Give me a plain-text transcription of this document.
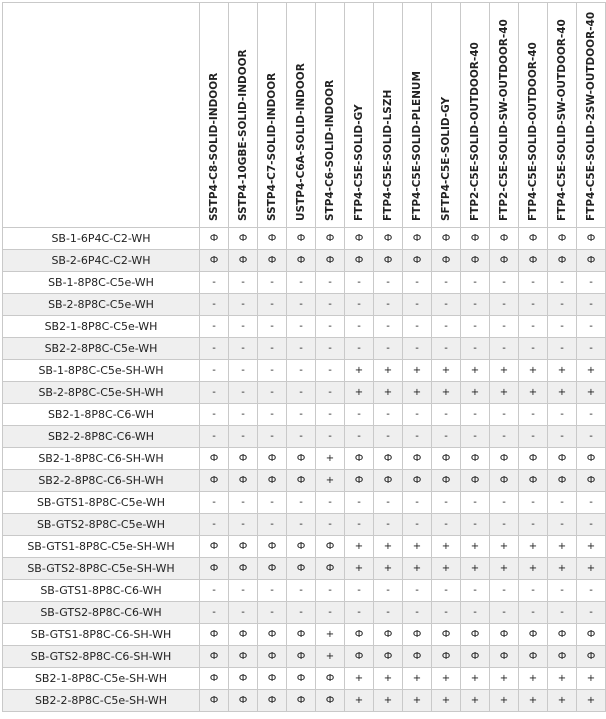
	SSTP4-C8-SOLID-INDOOR	SSTP4-10GBE-SOLID-INDOOR	SSTP4-C7-SOLID-INDOOR	USTP4-C6A-SOLID-INDOOR	STP4-C6-SOLID-INDOOR	FTP4-C5E-SOLID-GY	FTP4-C5E-SOLID-LSZH	FTP4-C5E-SOLID-PLENUM	SFTP4-C5E-SOLID-GY	FTP2-C5E-SOLID-OUTDOOR-40	FTP2-C5E-SOLID-SW-OUTDOOR-40	FTP4-C5E-SOLID-OUTDOOR-40	FTP4-C5E-SOLID-SW-OUTDOOR-40	FTP4-C5E-SOLID-2SW-OUTDOOR-40

SB-1-6P4C-C2-WH	Ф	Ф	Ф	Ф	Ф	Ф	Ф	Ф	Ф	Ф	Ф	Ф	Ф	Ф
SB-2-6P4C-C2-WH	Ф	Ф	Ф	Ф	Ф	Ф	Ф	Ф	Ф	Ф	Ф	Ф	Ф	Ф
SB-1-8P8C-C5e-WH	-	-	-	-	-	-	-	-	-	-	-	-	-	-
SB-2-8P8C-C5e-WH	-	-	-	-	-	-	-	-	-	-	-	-	-	-
SB2-1-8P8C-C5e-WH	-	-	-	-	-	-	-	-	-	-	-	-	-	-
SB2-2-8P8C-C5e-WH	-	-	-	-	-	-	-	-	-	-	-	-	-	-
SB-1-8P8C-C5e-SH-WH	-	-	-	-	-	+	+	+	+	+	+	+	+	+
SB-2-8P8C-C5e-SH-WH	-	-	-	-	-	+	+	+	+	+	+	+	+	+
SB2-1-8P8C-C6-WH	-	-	-	-	-	-	-	-	-	-	-	-	-	-
SB2-2-8P8C-C6-WH	-	-	-	-	-	-	-	-	-	-	-	-	-	-
SB2-1-8P8C-C6-SH-WH	Ф	Ф	Ф	Ф	+	Ф	Ф	Ф	Ф	Ф	Ф	Ф	Ф	Ф
SB2-2-8P8C-C6-SH-WH	Ф	Ф	Ф	Ф	+	Ф	Ф	Ф	Ф	Ф	Ф	Ф	Ф	Ф
SB-GTS1-8P8C-C5e-WH	-	-	-	-	-	-	-	-	-	-	-	-	-	-
SB-GTS2-8P8C-C5e-WH	-	-	-	-	-	-	-	-	-	-	-	-	-	-
SB-GTS1-8P8C-C5e-SH-WH	Ф	Ф	Ф	Ф	Ф	+	+	+	+	+	+	+	+	+
SB-GTS2-8P8C-C5e-SH-WH	Ф	Ф	Ф	Ф	Ф	+	+	+	+	+	+	+	+	+
SB-GTS1-8P8C-C6-WH	-	-	-	-	-	-	-	-	-	-	-	-	-	-
SB-GTS2-8P8C-C6-WH	-	-	-	-	-	-	-	-	-	-	-	-	-	-
SB-GTS1-8P8C-C6-SH-WH	Ф	Ф	Ф	Ф	+	Ф	Ф	Ф	Ф	Ф	Ф	Ф	Ф	Ф
SB-GTS2-8P8C-C6-SH-WH	Ф	Ф	Ф	Ф	+	Ф	Ф	Ф	Ф	Ф	Ф	Ф	Ф	Ф
SB2-1-8P8C-C5e-SH-WH	Ф	Ф	Ф	Ф	Ф	+	+	+	+	+	+	+	+	+
SB2-2-8P8C-C5e-SH-WH	Ф	Ф	Ф	Ф	Ф	+	+	+	+	+	+	+	+	+
